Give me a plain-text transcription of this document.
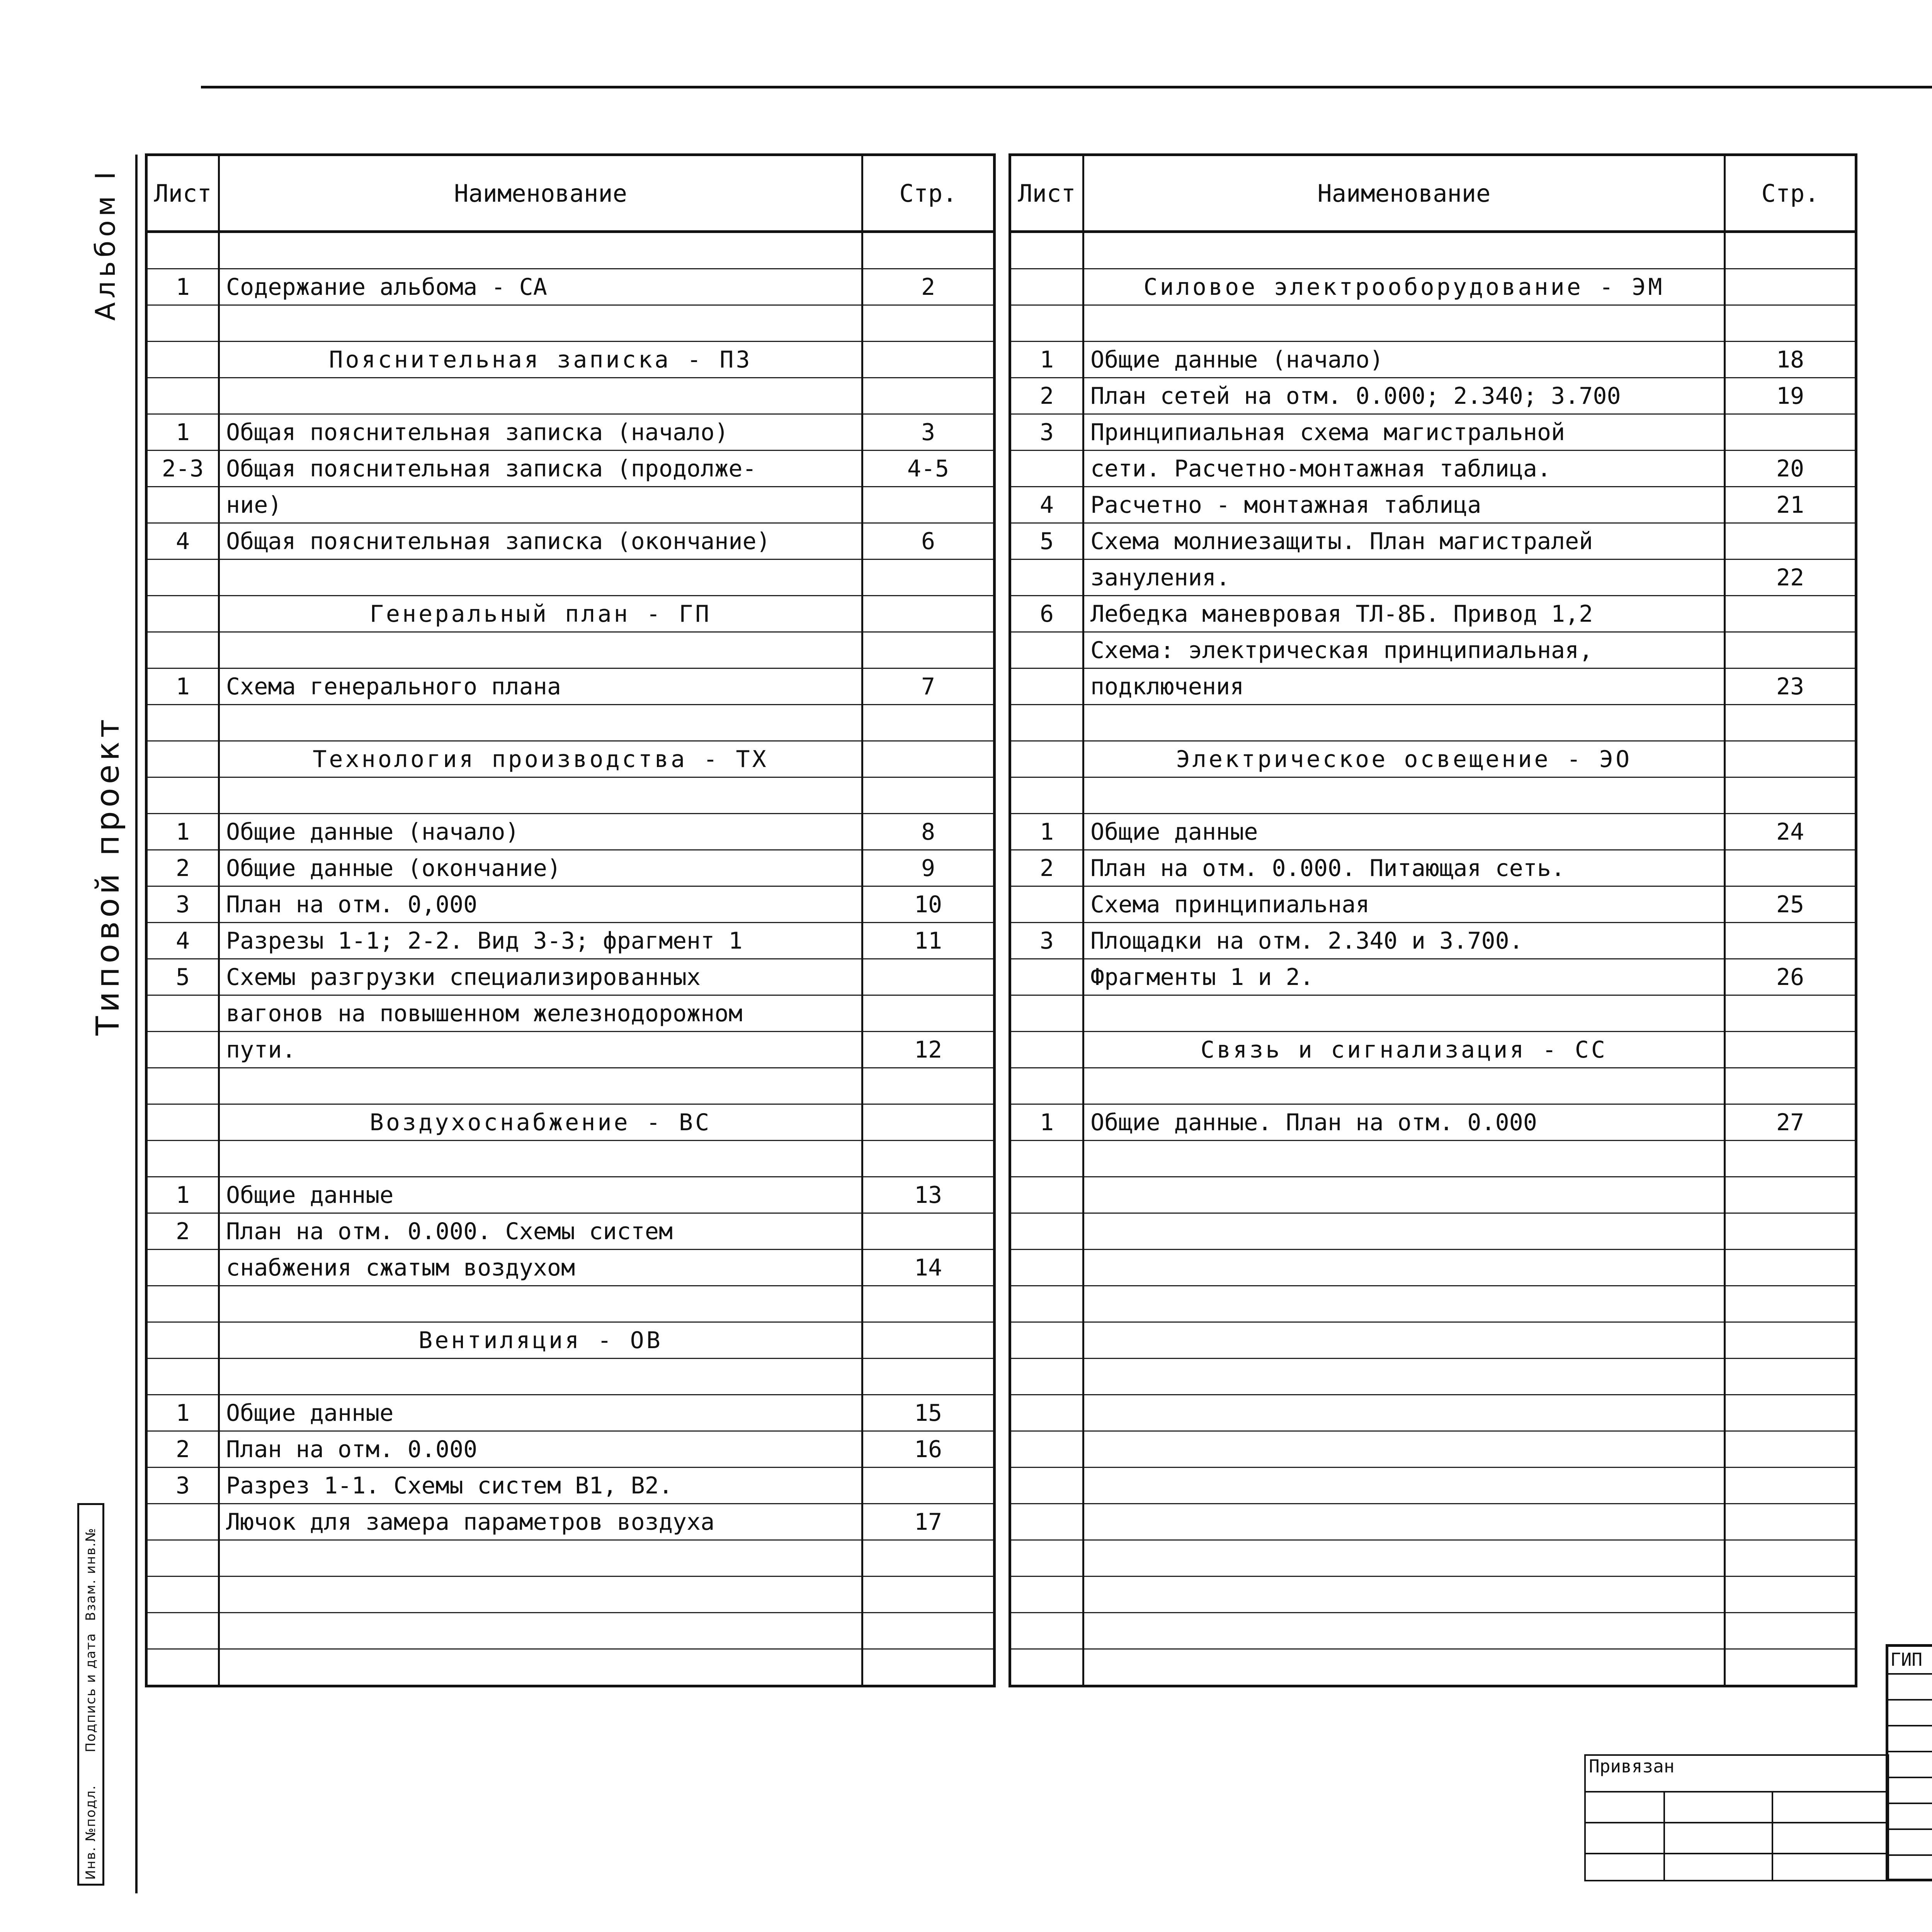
Альбом I
Типовой проект
Инв. №подл.
Подпись и дата
Взам. инв.№
Лист	Наименование	Стр.

1	Содержание альбома - СА	2

	Пояснительная записка - ПЗ	

1	Общая пояснительная записка (начало)	3
2-3	Общая пояснительная записка (продолже-	4-5
	ние)	
4	Общая пояснительная записка (окончание)	6

	Генеральный план - ГП	

1	Схема генерального плана	7

	Технология производства - ТХ	

1	Общие данные (начало)	8
2	Общие данные (окончание)	9
3	План на отм. 0,000	10
4	Разрезы 1-1; 2-2. Вид 3-3; фрагмент 1	11
5	Схемы разгрузки специализированных	
	вагонов на повышенном железнодорожном	
	пути.	12

	Воздухоснабжение - ВС	

1	Общие данные	13
2	План на отм. 0.000. Схемы систем	
	снабжения сжатым воздухом	14

	Вентиляция - ОВ	

1	Общие данные	15
2	План на отм. 0.000	16
3	Разрез 1-1. Схемы систем В1, В2.	
	Лючок для замера параметров воздуха	17

Лист	Наименование	Стр.

	Силовое электрооборудование - ЭМ	

1	Общие данные (начало)	18
2	План сетей на отм. 0.000; 2.340; 3.700	19
3	Принципиальная схема магистральной	
	сети. Расчетно-монтажная таблица.	20
4	Расчетно - монтажная таблица	21
5	Схема молниезащиты. План магистралей	
	зануления.	22
6	Лебедка маневровая ТЛ-8Б. Привод 1,2	
	Схема: электрическая принципиальная,	
	подключения	23

	Электрическое освещение - ЭО	

1	Общие данные	24
2	План на отм. 0.000. Питающая сеть.	
	Схема принципиальная	25
3	Площадки на отм. 2.340 и 3.700.	
	Фрагменты 1 и 2.	26

	Связь и сигнализация - СС	

1	Общие данные. План на отм. 0.000	27

ГИП			

Привязан		
